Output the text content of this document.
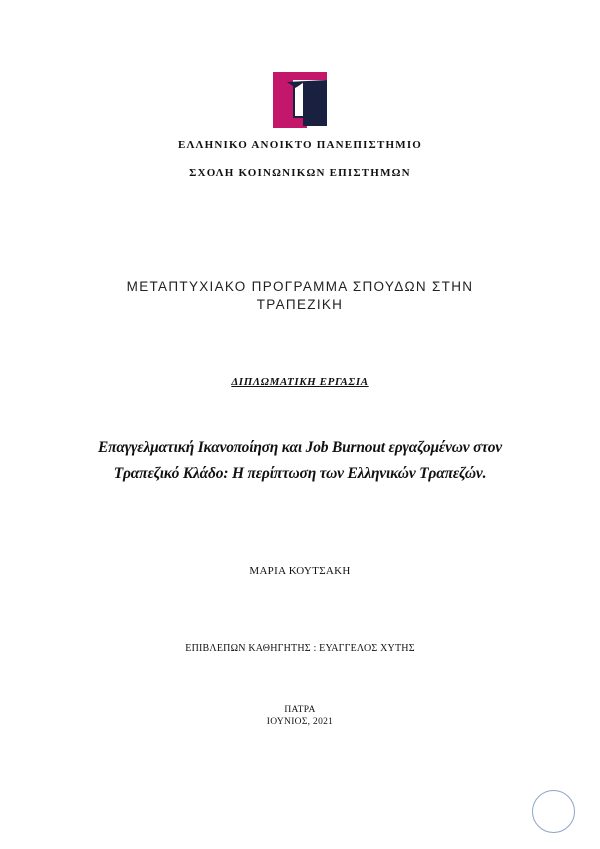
ΕΛΛΗΝΙΚΟ ΑΝΟΙΚΤΟ ΠΑΝΕΠΙΣΤΗΜΙΟ
ΣΧΟΛΗ ΚΟΙΝΩΝΙΚΩΝ ΕΠΙΣΤΗΜΩΝ
ΜΕΤΑΠΤΥΧΙΑΚΟ ΠΡΟΓΡΑΜΜΑ ΣΠΟΥΔΩΝ ΣΤΗΝ
ΤΡΑΠΕΖΙΚΗ
ΔΙΠΛΩΜΑΤΙΚΗ ΕΡΓΑΣΙΑ
Επαγγελματική Ικανοποίηση και Job Burnout εργαζομένων στον
Τραπεζικό Κλάδο: Η περίπτωση των Ελληνικών Τραπεζών.
ΜΑΡΙΑ ΚΟΥΤΣΑΚΗ
ΕΠΙΒΛΕΠΩΝ ΚΑΘΗΓΗΤΗΣ : ΕΥΑΓΓΕΛΟΣ ΧΥΤΗΣ
ΠΑΤΡΑ
ΙΟΥΝΙΟΣ, 2021
